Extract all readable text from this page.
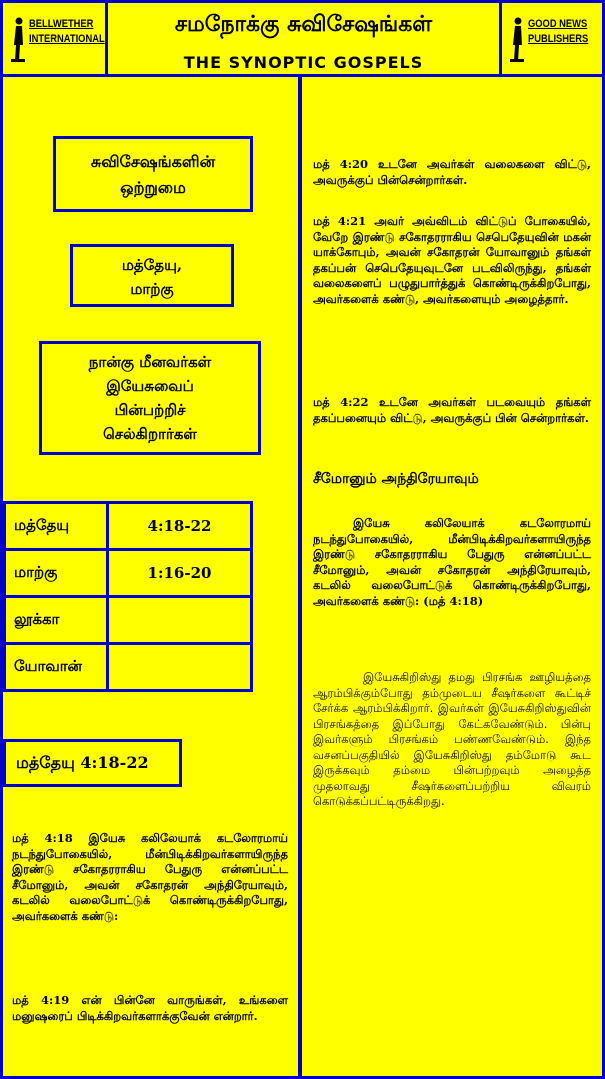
BELLWETHER
INTERNATIONAL
சமநோக்கு சுவிசேஷங்கள்
THE SYNOPTIC GOSPELS
GOOD NEWS
PUBLISHERS
சுவிசேஷங்களின்
ஒற்றுமை
மத்தேயு,
மாற்கு
நான்கு மீனவர்கள்
இயேசுவைப்
பின்பற்றிச்
செல்கிறார்கள்
மத்தேயு	4:18-22
மாற்கு	1:16-20
லூக்கா	
யோவான்	
மத்தேயு 4:18-22

மத் 4:18 இயேசு கலிலேயாக் கடலோரமாய் நடந்துபோகையில், மீன்பிடிக்கிறவர்களாயிருந்த இரண்டு சகோதரராகிய பேதுரு என்னப்பட்ட சீமோனும், அவன் சகோதரன் அந்திரேயாவும், கடலில் வலைபோட்டுக் கொண்டிருக்கிறபோது, அவர்களைக் கண்டு:

மத் 4:19 என் பின்னே வாருங்கள், உங்களை மனுஷரைப் பிடிக்கிறவர்களாக்குவேன் என்றார்.

மத் 4:20 உடனே அவர்கள் வலைகளை விட்டு, அவருக்குப் பின்சென்றார்கள்.

மத் 4:21 அவர் அவ்விடம் விட்டுப் போகையில், வேறே இரண்டு சகோதரராகிய செபெதேயுவின் மகன் யாக்கோபும், அவன் சகோதரன் யோவானும் தங்கள் தகப்பன் செபெதேயுவுடனே படவிலிருந்து, தங்கள் வலைகளைப் பழுதுபார்த்துக் கொண்டிருக்கிறபோது, அவர்களைக் கண்டு, அவர்களையும் அழைத்தார்.

மத் 4:22 உடனே அவர்கள் படவையும் தங்கள் தகப்பனையும் விட்டு, அவருக்குப் பின் சென்றார்கள்.

சீமோனும் அந்திரேயாவும்

இயேசு கலிலேயாக் கடலோரமாய் நடந்துபோகையில், மீன்பிடிக்கிறவர்களாயிருந்த இரண்டு சகோதரராகிய பேதுரு என்னப்பட்ட சீமோனும், அவன் சகோதரன் அந்திரேயாவும், கடலில் வலைபோட்டுக் கொண்டிருக்கிறபோது, அவர்களைக் கண்டு: (மத் 4:18)

இயேசுகிறிஸ்து தமது பிரசங்க ஊழியத்தை ஆரம்பிக்கும்போது தம்முடைய சீஷர்களை கூட்டிச் சேர்க்க ஆரம்பிக்கிறார். இவர்கள் இயேசுகிறிஸ்துவின் பிரசங்கத்தை இப்போது கேட்கவேண்டும். பின்பு இவர்களும் பிரசங்கம் பண்ணவேண்டும். இந்த வசனப்பகுதியில் இயேசுகிறிஸ்து தம்மோடு கூட இருக்கவும் தம்மை பின்பற்றவும் அழைத்த முதலாவது சீஷர்களைப்பற்றிய விவரம் கொடுக்கப்பட்டிருக்கிறது.
